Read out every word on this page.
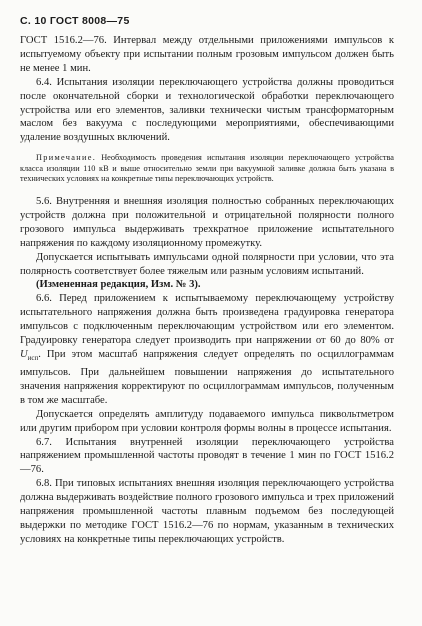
С. 10 ГОСТ 8008—75

ГОСТ 1516.2—76. Интервал между отдельными приложениями импульсов к испытуемому объекту при испытании полным грозовым импульсом должен быть не менее 1 мин.

6.4. Испытания изоляции переключающего устройства должны проводиться после окончательной сборки и технологической обработки переключающего устройства или его элементов, заливки технически чистым трансформаторным маслом без вакуума с последующими мероприятиями, обеспечивающими удаление воздушных включений.

Примечание. Необходимость проведения испытания изоляции переключающего устройства класса изоляции 110 кВ и выше относительно земли при вакуумной заливке должна быть указана в технических условиях на конкретные типы переключающих устройств.

5.6. Внутренняя и внешняя изоляция полностью собранных переключающих устройств должна при положительной и отрицательной полярности полного грозового импульса выдерживать трехкратное приложение испытательного напряжения по каждому изоляционному промежутку.

Допускается испытывать импульсами одной полярности при условии, что эта полярность соответствует более тяжелым или разным условиям испытаний.

(Измененная редакция, Изм. № 3).

6.6. Перед приложением к испытываемому переключающему устройству испытательного напряжения должна быть произведена градуировка генератора импульсов с подключенным переключающим устройством или его элементом. Градуировку генератора следует производить при напряжении от 60 до 80% от $U_{исп}$. При этом масштаб напряжения следует определять по осциллограммам импульсов. При дальнейшем повышении напряжения до испытательного значения напряжения корректируют по осциллограммам импульсов, полученным в том же масштабе.

Допускается определять амплитуду подаваемого импульса пиквольтметром или другим прибором при условии контроля формы волны в процессе испытания.

6.7. Испытания внутренней изоляции переключающего устройства напряжением промышленной частоты проводят в течение 1 мин по ГОСТ 1516.2—76.

6.8. При типовых испытаниях внешняя изоляция переключающего устройства должна выдерживать воздействие полного грозового импульса и трех приложений напряжения промышленной частоты плавным подъемом без последующей выдержки по методике ГОСТ 1516.2—76 по нормам, указанным в технических условиях на конкретные типы переключающих устройств.
